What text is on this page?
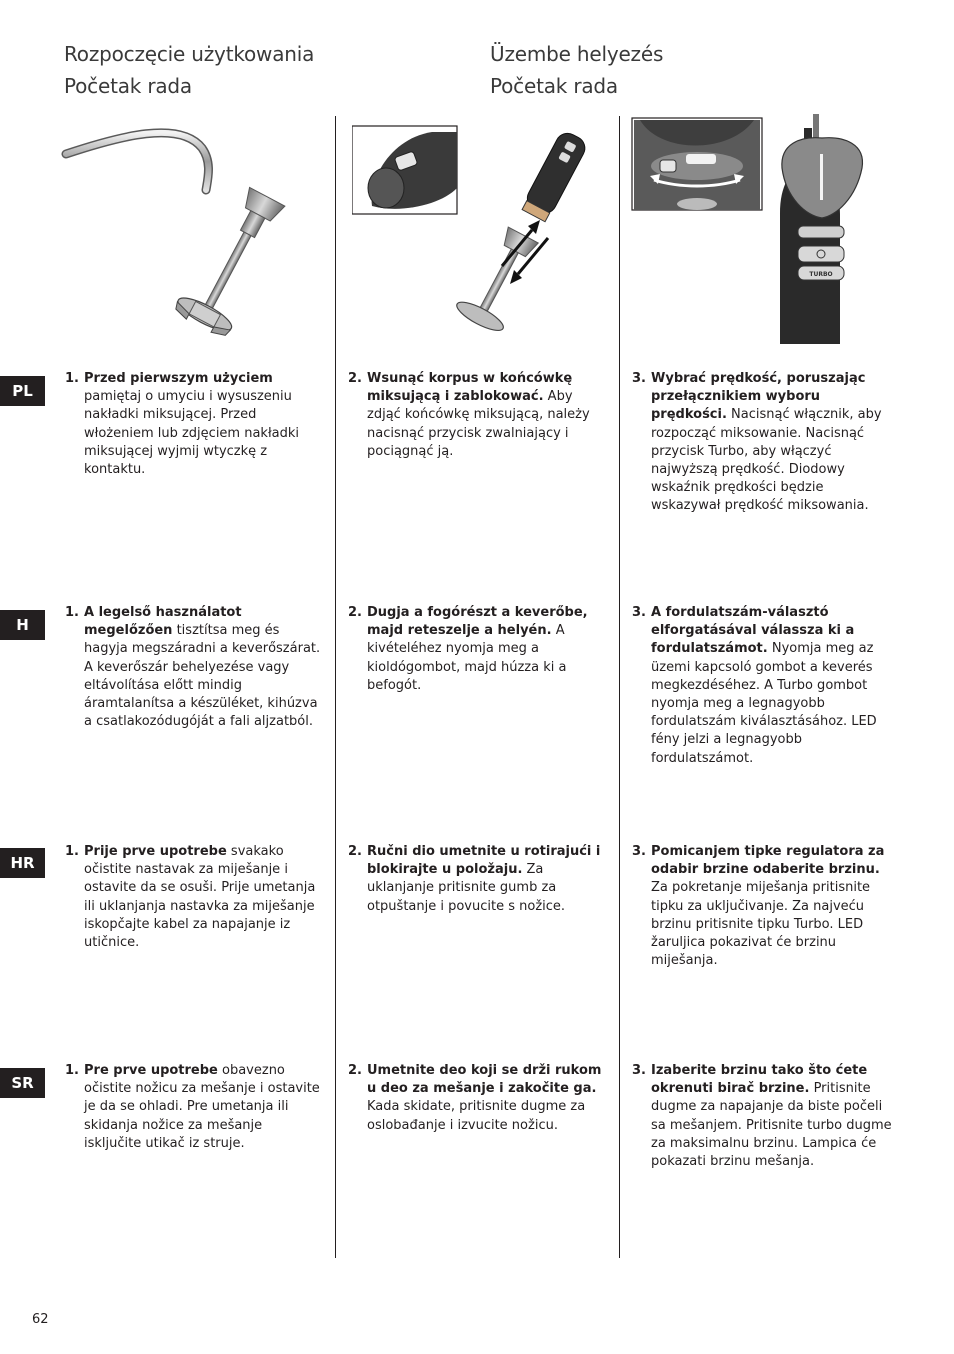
Rozpoczęcie użytkowania
Početak rada
Üzembe helyezés
Početak rada
TURBO
PL
H
HR
SR
1. Przed pierwszym użyciem pamiętaj o umyciu i wysuszeniu nakładki miksującej. Przed włożeniem lub zdjęciem nakładki miksującej wyjmij wtyczkę z kontaktu.
2. Wsunąć korpus w końcówkę miksującą i zablokować. Aby zdjąć końcówkę miksującą, należy nacisnąć przycisk zwalniający i pociągnąć ją.
3. Wybrać prędkość, poruszając przełącznikiem wyboru prędkości. Nacisnąć włącznik, aby rozpocząć miksowanie. Nacisnąć przycisk Turbo, aby włączyć najwyższą prędkość. Diodowy wskaźnik prędkości będzie wskazywał prędkość miksowania.
1. A legelső használatot megelőzően tisztítsa meg és hagyja megszáradni a keverőszárat. A keverőszár behelyezése vagy eltávolítása előtt mindig áramtalanítsa a készüléket, kihúzva a csatlakozódugóját a fali aljzatból.
2. Dugja a fogórészt a keverőbe, majd reteszelje a helyén. A kivételéhez nyomja meg a kioldógombot, majd húzza ki a befogót.
3. A fordulatszám-választó elforgatásával válassza ki a fordulatszámot. Nyomja meg az üzemi kapcsoló gombot a keverés megkezdéséhez. A Turbo gombot nyomja meg a legnagyobb fordulatszám kiválasztásához. LED fény jelzi a legnagyobb fordulatszámot.
1. Prije prve upotrebe svakako očistite nastavak za miješanje i ostavite da se osuši. Prije umetanja ili uklanjanja nastavka za miješanje iskopčajte kabel za napajanje iz utičnice.
2. Ručni dio umetnite u rotirajući i blokirajte u položaju. Za uklanjanje pritisnite gumb za otpuštanje i povucite s nožice.
3. Pomicanjem tipke regulatora za odabir brzine odaberite brzinu. Za pokretanje miješanja pritisnite tipku za uključivanje. Za najveću brzinu pritisnite tipku Turbo. LED žaruljica pokazivat će brzinu miješanja.
1. Pre prve upotrebe obavezno očistite nožicu za mešanje i ostavite je da se ohladi. Pre umetanja ili skidanja nožice za mešanje isključite utikač iz struje.
2. Umetnite deo koji se drži rukom u deo za mešanje i zakočite ga. Kada skidate, pritisnite dugme za oslobađanje i izvucite nožicu.
3. Izaberite brzinu tako što ćete okrenuti birač brzine. Pritisnite dugme za napajanje da biste počeli sa mešanjem. Pritisnite turbo dugme za maksimalnu brzinu. Lampica će pokazati brzinu mešanja.
62
